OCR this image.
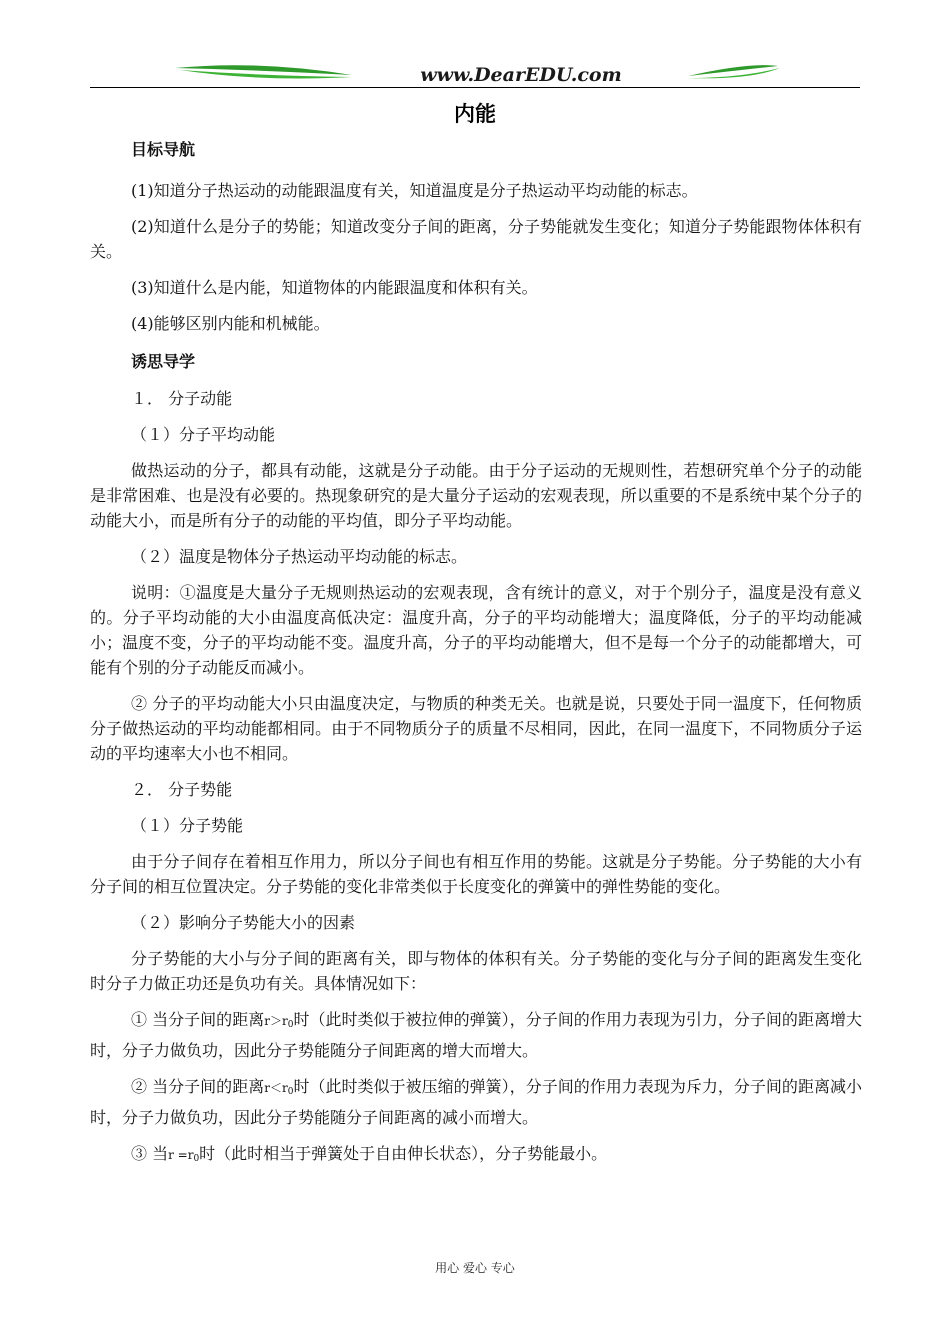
www.DearEDU.com
内能
目标导航

(1)知道分子热运动的动能跟温度有关，知道温度是分子热运动平均动能的标志。

(2)知道什么是分子的势能；知道改变分子间的距离，分子势能就发生变化；知道分子势能跟物体体积有关。

(3)知道什么是内能，知道物体的内能跟温度和体积有关。

(4)能够区别内能和机械能。

诱思导学

１． 分子动能

（１）分子平均动能

做热运动的分子，都具有动能，这就是分子动能。由于分子运动的无规则性，若想研究单个分子的动能是非常困难、也是没有必要的。热现象研究的是大量分子运动的宏观表现，所以重要的不是系统中某个分子的动能大小，而是所有分子的动能的平均值，即分子平均动能。

（２）温度是物体分子热运动平均动能的标志。

说明：①温度是大量分子无规则热运动的宏观表现，含有统计的意义，对于个别分子，温度是没有意义的。分子平均动能的大小由温度高低决定：温度升高，分子的平均动能增大；温度降低，分子的平均动能减小；温度不变，分子的平均动能不变。温度升高，分子的平均动能增大，但不是每一个分子的动能都增大，可能有个别的分子动能反而减小。

② 分子的平均动能大小只由温度决定，与物质的种类无关。也就是说，只要处于同一温度下，任何物质分子做热运动的平均动能都相同。由于不同物质分子的质量不尽相同，因此，在同一温度下，不同物质分子运动的平均速率大小也不相同。

２． 分子势能

（１）分子势能

由于分子间存在着相互作用力，所以分子间也有相互作用的势能。这就是分子势能。分子势能的大小有分子间的相互位置决定。分子势能的变化非常类似于长度变化的弹簧中的弹性势能的变化。

（２）影响分子势能大小的因素

分子势能的大小与分子间的距离有关，即与物体的体积有关。分子势能的变化与分子间的距离发生变化时分子力做正功还是负功有关。具体情况如下：

① 当分子间的距离$r>r_0$时（此时类似于被拉伸的弹簧），分子间的作用力表现为引力，分子间的距离增大时，分子力做负功，因此分子势能随分子间距离的增大而增大。

② 当分子间的距离$r<r_0$时（此时类似于被压缩的弹簧），分子间的作用力表现为斥力，分子间的距离减小时，分子力做负功，因此分子势能随分子间距离的减小而增大。

③ 当$r =r_0$时（此时相当于弹簧处于自由伸长状态），分子势能最小。

用心 爱心 专心
